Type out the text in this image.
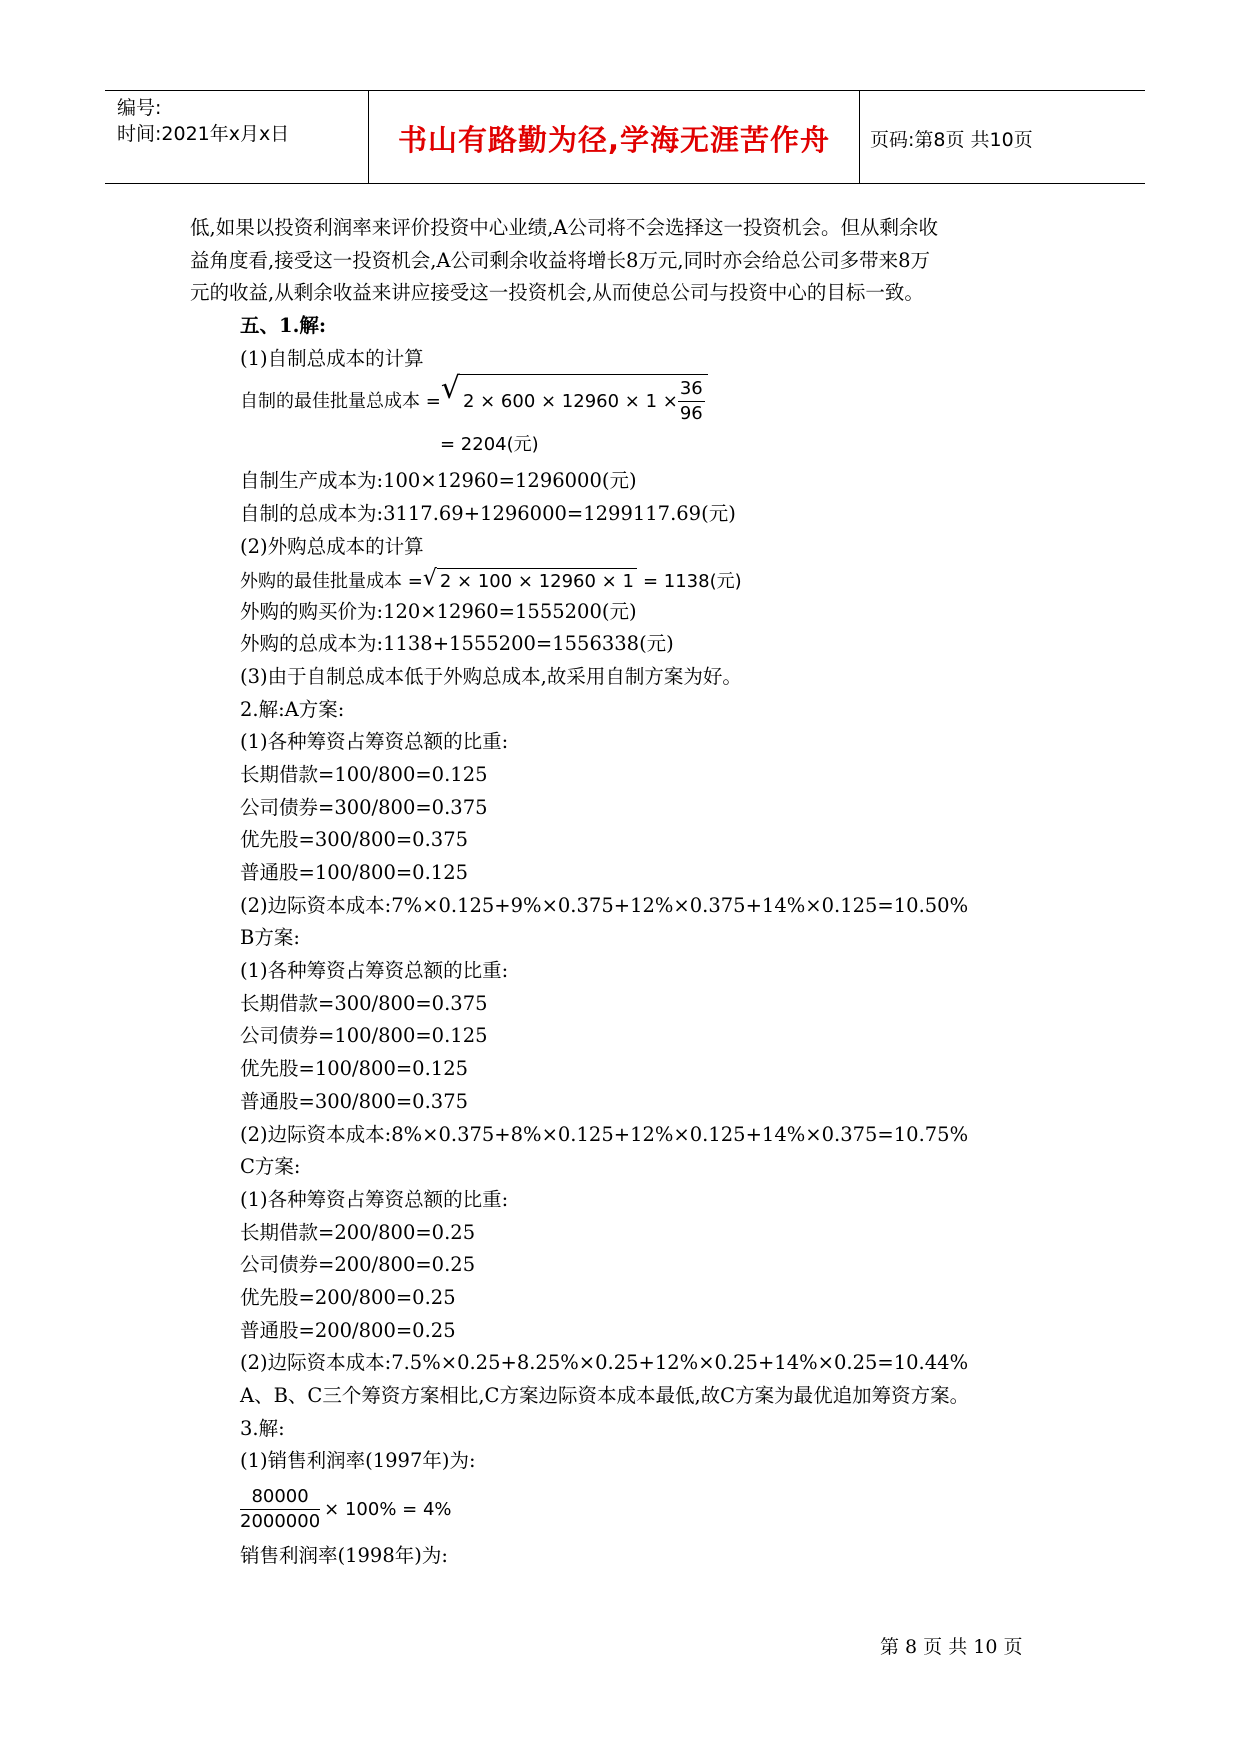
编号:
时间:2021年x月x日	书山有路勤为径,学海无涯苦作舟	页码:第8页 共10页
低,如果以投资利润率来评价投资中心业绩,A公司将不会选择这一投资机会。但从剩余收
益角度看,接受这一投资机会,A公司剩余收益将增长8万元,同时亦会给总公司多带来8万
元的收益,从剩余收益来讲应接受这一投资机会,从而使总公司与投资中心的目标一致。
五、1.解:
(1)自制总成本的计算
自制的最佳批量总成本 = √ $2 \times 600 \times 12960 \times 1 \times \frac{36}{96}$
= 2204(元)
自制生产成本为:100×12960=1296000(元)
自制的总成本为:3117.69+1296000=1299117.69(元)
(2)外购总成本的计算
外购的最佳批量成本 = √ 2 × 100 × 12960 × 1 = 1138(元)
外购的购买价为:120×12960=1555200(元)
外购的总成本为:1138+1555200=1556338(元)
(3)由于自制总成本低于外购总成本,故采用自制方案为好。
2.解:A方案:
(1)各种筹资占筹资总额的比重:
长期借款=100/800=0.125
公司债券=300/800=0.375
优先股=300/800=0.375
普通股=100/800=0.125
(2)边际资本成本:7%×0.125+9%×0.375+12%×0.375+14%×0.125=10.50%
B方案:
(1)各种筹资占筹资总额的比重:
长期借款=300/800=0.375
公司债券=100/800=0.125
优先股=100/800=0.125
普通股=300/800=0.375
(2)边际资本成本:8%×0.375+8%×0.125+12%×0.125+14%×0.375=10.75%
C方案:
(1)各种筹资占筹资总额的比重:
长期借款=200/800=0.25
公司债券=200/800=0.25
优先股=200/800=0.25
普通股=200/800=0.25
(2)边际资本成本:7.5%×0.25+8.25%×0.25+12%×0.25+14%×0.25=10.44%
A、B、C三个筹资方案相比,C方案边际资本成本最低,故C方案为最优追加筹资方案。
3.解:
(1)销售利润率(1997年)为:
$\frac{80000}{2000000} \times 100\% = 4\%$
销售利润率(1998年)为:
第 8 页 共 10 页
